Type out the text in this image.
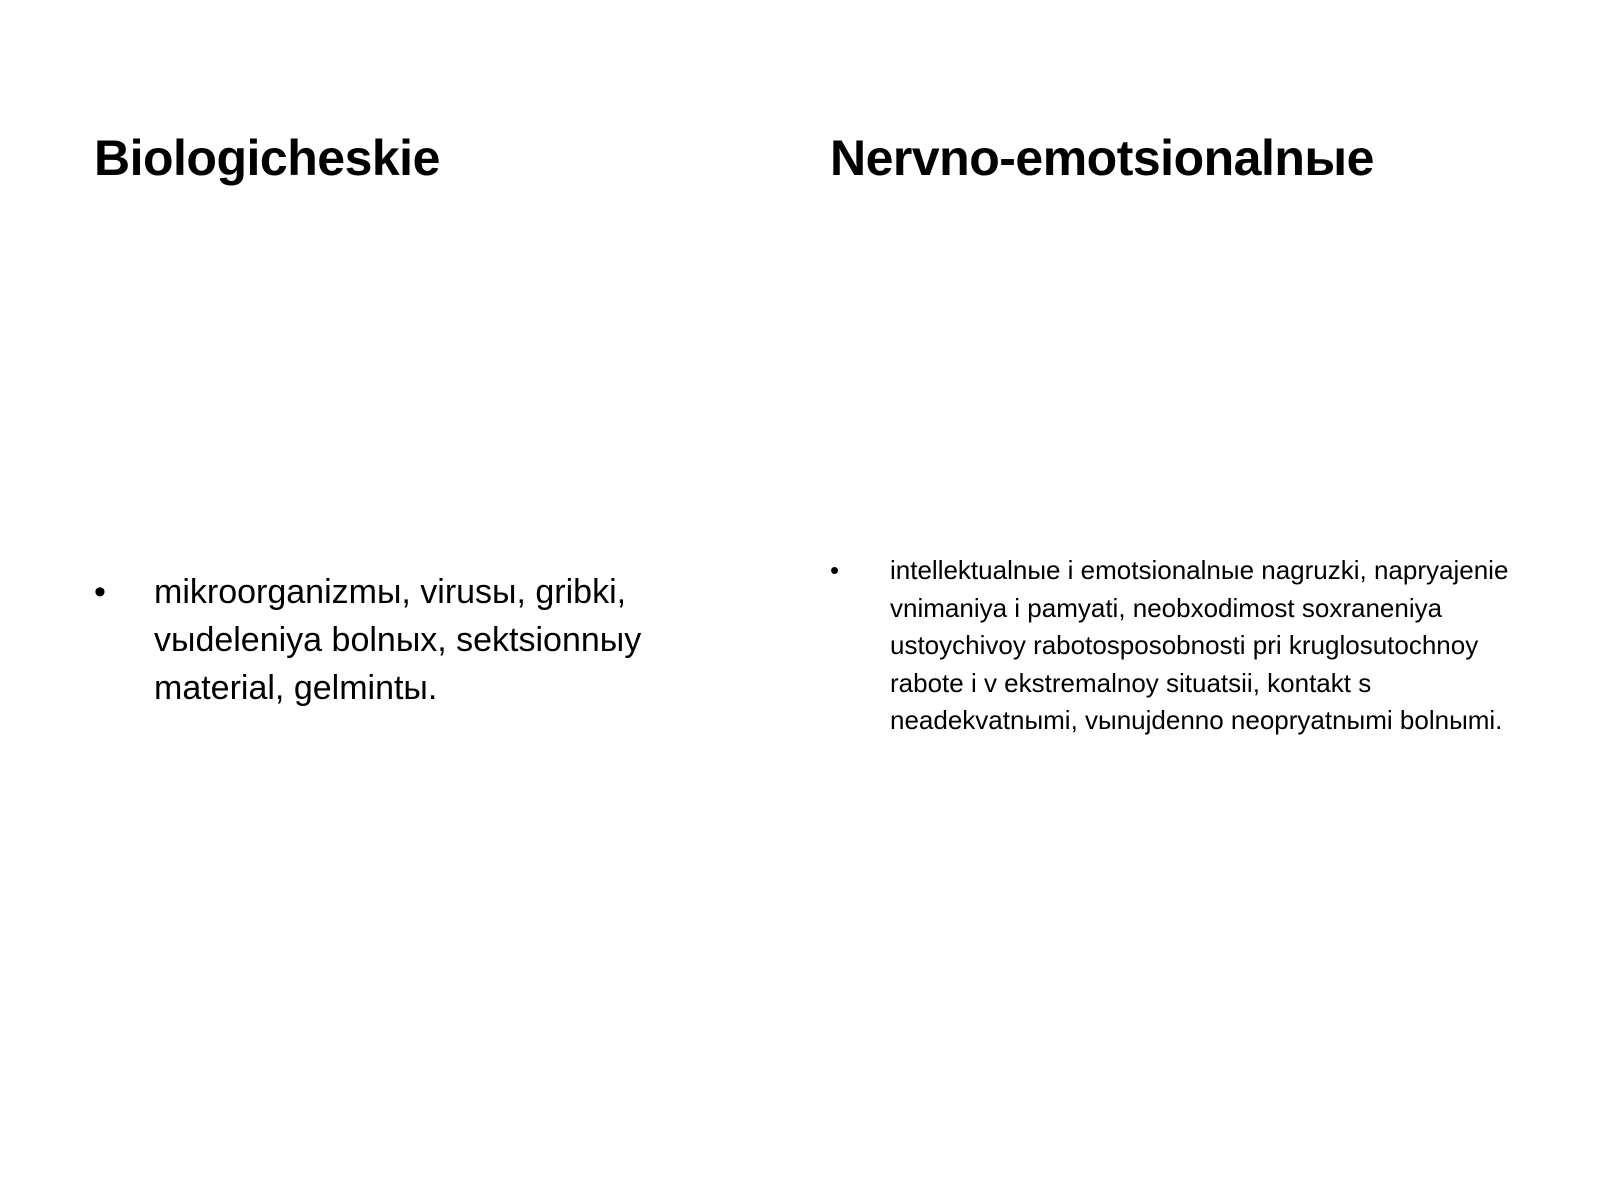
Biologicheskie
• mikroorganizmы, virusы, gribki, vыdeleniya bolnыx, sektsionnыy material, gelmintы.
Nervno-emotsionalnыe
• intellektualnыe i emotsionalnыe nagruzki, napryajenie vnimaniya i pamyati, neobxodimost soxraneniya ustoychivoy rabotosposobnosti pri kruglosutochnoy rabote i v ekstremalnoy situatsii, kontakt s neadekvatnыmi, vыnujdenno neopryatnыmi bolnыmi.
